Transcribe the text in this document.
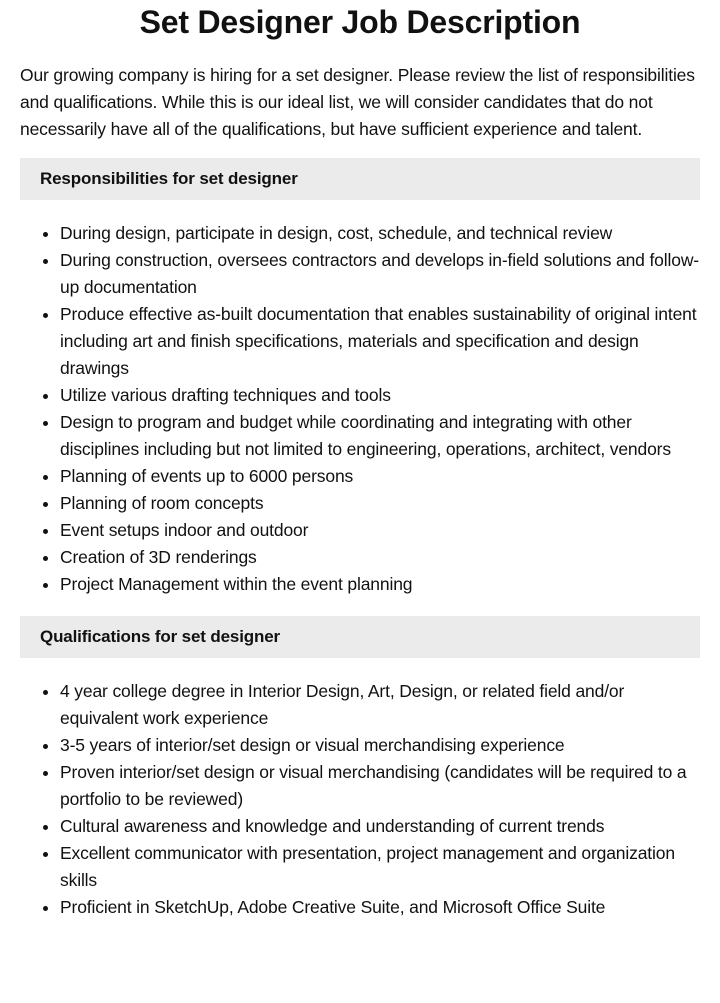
Set Designer Job Description

Our growing company is hiring for a set designer. Please review the list of responsibilities and qualifications. While this is our ideal list, we will consider candidates that do not necessarily have all of the qualifications, but have sufficient experience and talent.

Responsibilities for set designer
During design, participate in design, cost, schedule, and technical review
During construction, oversees contractors and develops in-field solutions and follow-up documentation
Produce effective as-built documentation that enables sustainability of original intent including art and finish specifications, materials and specification and design drawings
Utilize various drafting techniques and tools
Design to program and budget while coordinating and integrating with other disciplines including but not limited to engineering, operations, architect, vendors
Planning of events up to 6000 persons
Planning of room concepts
Event setups indoor and outdoor
Creation of 3D renderings
Project Management within the event planning
Qualifications for set designer
4 year college degree in Interior Design, Art, Design, or related field and/or equivalent work experience
3-5 years of interior/set design or visual merchandising experience
Proven interior/set design or visual merchandising (candidates will be required to a portfolio to be reviewed)
Cultural awareness and knowledge and understanding of current trends
Excellent communicator with presentation, project management and organization skills
Proficient in SketchUp, Adobe Creative Suite, and Microsoft Office Suite
